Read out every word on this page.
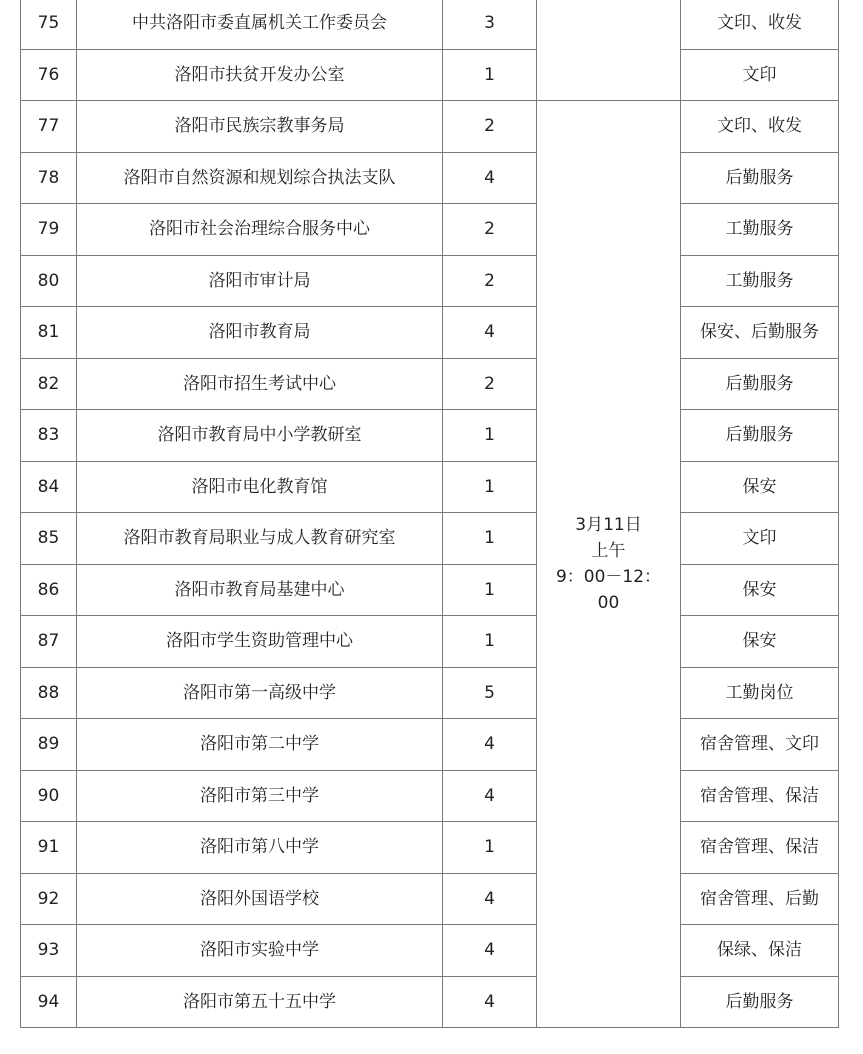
75	中共洛阳市委直属机关工作委员会	3		文印、收发
76	洛阳市扶贫开发办公室	1		文印
77	洛阳市民族宗教事务局	2	3月11日
上午
9：00－12：
00	文印、收发
78	洛阳市自然资源和规划综合执法支队	4		后勤服务
79	洛阳市社会治理综合服务中心	2		工勤服务
80	洛阳市审计局	2		工勤服务
81	洛阳市教育局	4		保安、后勤服务
82	洛阳市招生考试中心	2		后勤服务
83	洛阳市教育局中小学教研室	1		后勤服务
84	洛阳市电化教育馆	1		保安
85	洛阳市教育局职业与成人教育研究室	1		文印
86	洛阳市教育局基建中心	1		保安
87	洛阳市学生资助管理中心	1		保安
88	洛阳市第一高级中学	5		工勤岗位
89	洛阳市第二中学	4		宿舍管理、文印
90	洛阳市第三中学	4		宿舍管理、保洁
91	洛阳市第八中学	1		宿舍管理、保洁
92	洛阳外国语学校	4		宿舍管理、后勤
93	洛阳市实验中学	4		保绿、保洁
94	洛阳市第五十五中学	4		后勤服务
